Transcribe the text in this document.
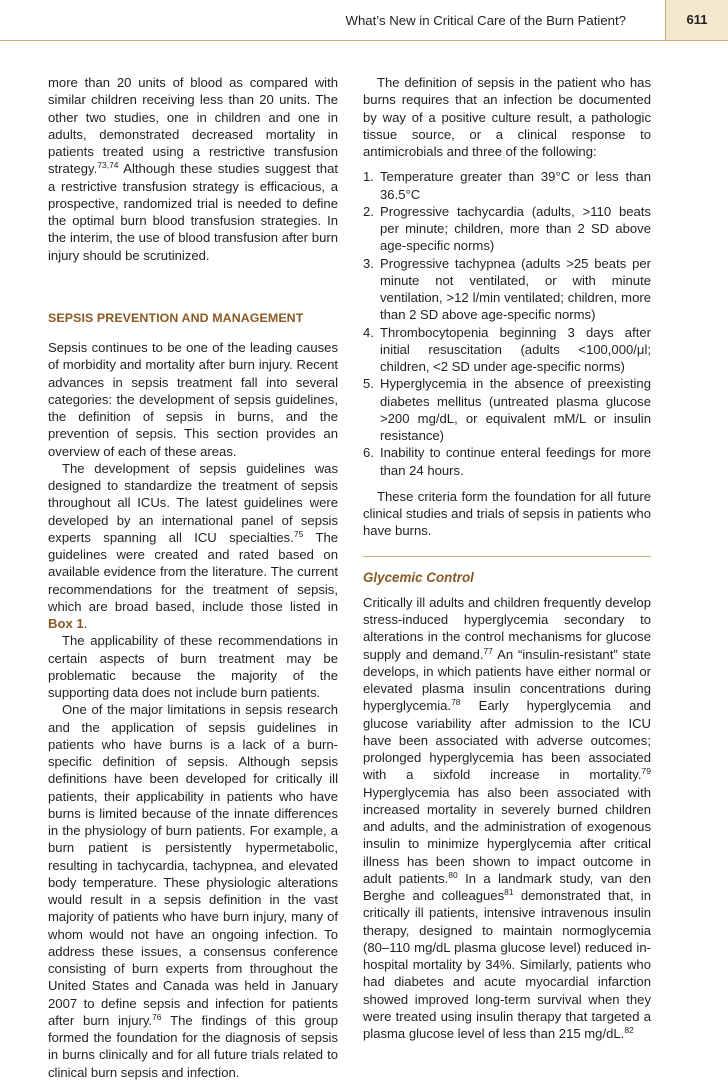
What’s New in Critical Care of the Burn Patient?	611

more than 20 units of blood as compared with similar children receiving less than 20 units. The other two studies, one in children and one in adults, demonstrated decreased mortality in patients treated using a restrictive transfusion strategy.$^{73,74}$ Although these studies suggest that a restrictive transfusion strategy is efficacious, a prospective, randomized trial is needed to define the optimal burn blood transfusion strategies. In the interim, the use of blood transfusion after burn injury should be scrutinized.

SEPSIS PREVENTION AND MANAGEMENT

Sepsis continues to be one of the leading causes of morbidity and mortality after burn injury. Recent advances in sepsis treatment fall into several categories: the development of sepsis guidelines, the definition of sepsis in burns, and the prevention of sepsis. This section provides an overview of each of these areas.

The development of sepsis guidelines was designed to standardize the treatment of sepsis throughout all ICUs. The latest guidelines were developed by an international panel of sepsis experts spanning all ICU specialties.$^{75}$ The guidelines were created and rated based on available evidence from the literature. The current recommendations for the treatment of sepsis, which are broad based, include those listed in Box 1.

The applicability of these recommendations in certain aspects of burn treatment may be problematic because the majority of the supporting data does not include burn patients.

One of the major limitations in sepsis research and the application of sepsis guidelines in patients who have burns is a lack of a burn-specific definition of sepsis. Although sepsis definitions have been developed for critically ill patients, their applicability in patients who have burns is limited because of the innate differences in the physiology of burn patients. For example, a burn patient is persistently hypermetabolic, resulting in tachycardia, tachypnea, and elevated body temperature. These physiologic alterations would result in a sepsis definition in the vast majority of patients who have burn injury, many of whom would not have an ongoing infection. To address these issues, a consensus conference consisting of burn experts from throughout the United States and Canada was held in January 2007 to define sepsis and infection for patients after burn injury.$^{76}$ The findings of this group formed the foundation for the diagnosis of sepsis in burns clinically and for all future trials related to clinical burn sepsis and infection.

The definition of sepsis in the patient who has burns requires that an infection be documented by way of a positive culture result, a pathologic tissue source, or a clinical response to antimicrobials and three of the following:

1. Temperature greater than 39°C or less than 36.5°C
2. Progressive tachycardia (adults, >110 beats per minute; children, more than 2 SD above age-specific norms)
3. Progressive tachypnea (adults >25 beats per minute not ventilated, or with minute ventilation, >12 l/min ventilated; children, more than 2 SD above age-specific norms)
4. Thrombocytopenia beginning 3 days after initial resuscitation (adults <100,000/μl; children, <2 SD under age-specific norms)
5. Hyperglycemia in the absence of preexisting diabetes mellitus (untreated plasma glucose >200 mg/dL, or equivalent mM/L or insulin resistance)
6. Inability to continue enteral feedings for more than 24 hours.

These criteria form the foundation for all future clinical studies and trials of sepsis in patients who have burns.

Glycemic Control

Critically ill adults and children frequently develop stress-induced hyperglycemia secondary to alterations in the control mechanisms for glucose supply and demand.$^{77}$ An “insulin-resistant” state develops, in which patients have either normal or elevated plasma insulin concentrations during hyperglycemia.$^{78}$ Early hyperglycemia and glucose variability after admission to the ICU have been associated with adverse outcomes; prolonged hyperglycemia has been associated with a sixfold increase in mortality.$^{79}$ Hyperglycemia has also been associated with increased mortality in severely burned children and adults, and the administration of exogenous insulin to minimize hyperglycemia after critical illness has been shown to impact outcome in adult patients.$^{80}$ In a landmark study, van den Berghe and colleagues$^{81}$ demonstrated that, in critically ill patients, intensive intravenous insulin therapy, designed to maintain normoglycemia (80–110 mg/dL plasma glucose level) reduced in-hospital mortality by 34%. Similarly, patients who had diabetes and acute myocardial infarction showed improved long-term survival when they were treated using insulin therapy that targeted a plasma glucose level of less than 215 mg/dL.$^{82}$
